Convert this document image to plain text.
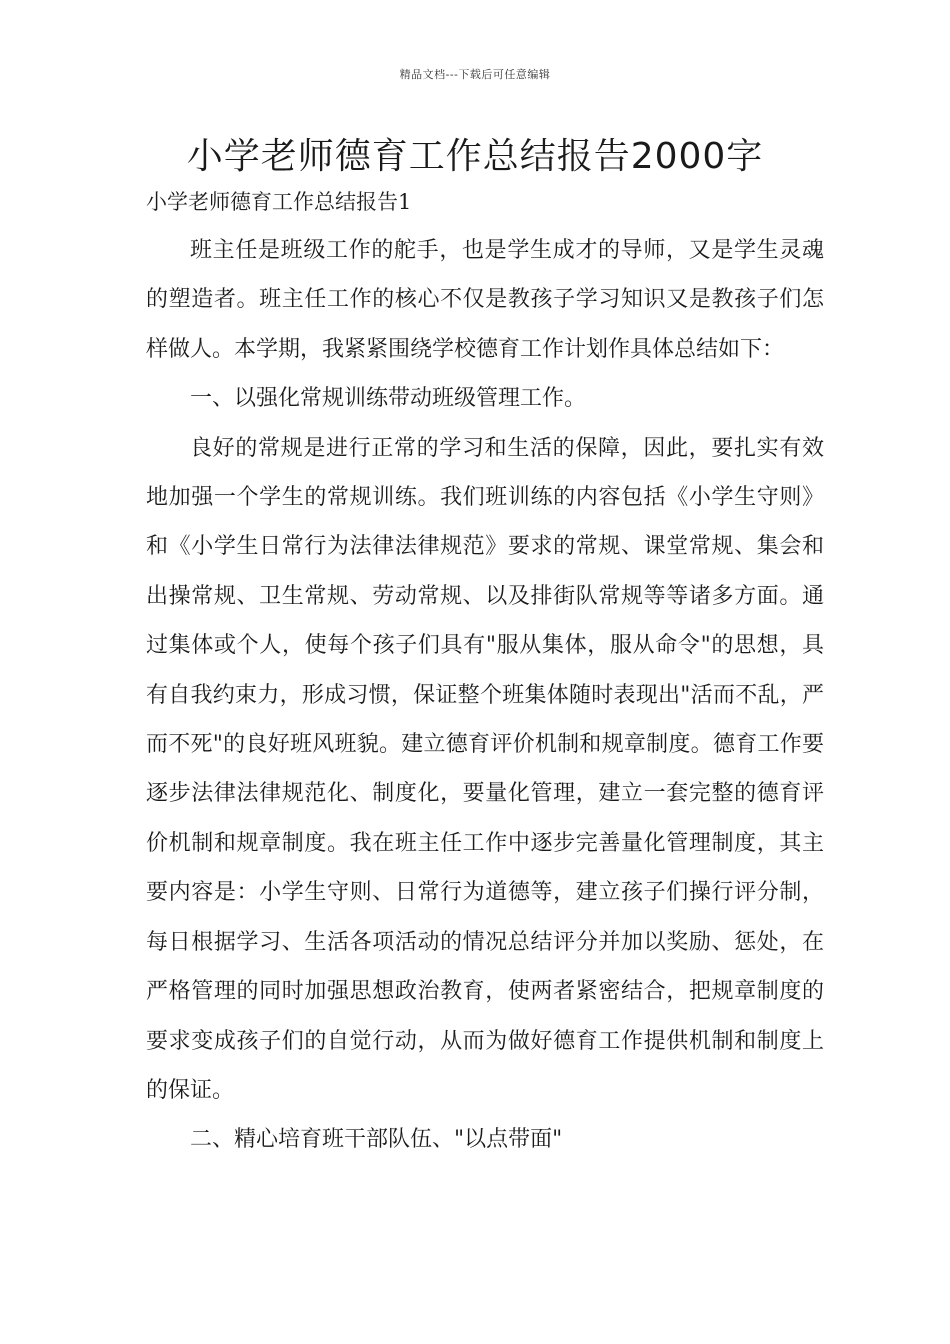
精品文档---下载后可任意编辑
小学老师德育工作总结报告2000字
小学老师德育工作总结报告1

班主任是班级工作的舵手，也是学生成才的导师，又是学生灵魂的塑造者。班主任工作的核心不仅是教孩子学习知识又是教孩子们怎样做人。本学期，我紧紧围绕学校德育工作计划作具体总结如下：

一、以强化常规训练带动班级管理工作。

良好的常规是进行正常的学习和生活的保障，因此，要扎实有效地加强一个学生的常规训练。我们班训练的内容包括《小学生守则》和《小学生日常行为法律法律规范》要求的常规、课堂常规、集会和出操常规、卫生常规、劳动常规、以及排街队常规等等诸多方面。通过集体或个人，使每个孩子们具有"服从集体，服从命令"的思想，具有自我约束力，形成习惯，保证整个班集体随时表现出"活而不乱，严而不死"的良好班风班貌。建立德育评价机制和规章制度。德育工作要逐步法律法律规范化、制度化，要量化管理，建立一套完整的德育评价机制和规章制度。我在班主任工作中逐步完善量化管理制度，其主要内容是：小学生守则、日常行为道德等，建立孩子们操行评分制，每日根据学习、生活各项活动的情况总结评分并加以奖励、惩处，在严格管理的同时加强思想政治教育，使两者紧密结合，把规章制度的要求变成孩子们的自觉行动，从而为做好德育工作提供机制和制度上的保证。

二、精心培育班干部队伍、"以点带面"
